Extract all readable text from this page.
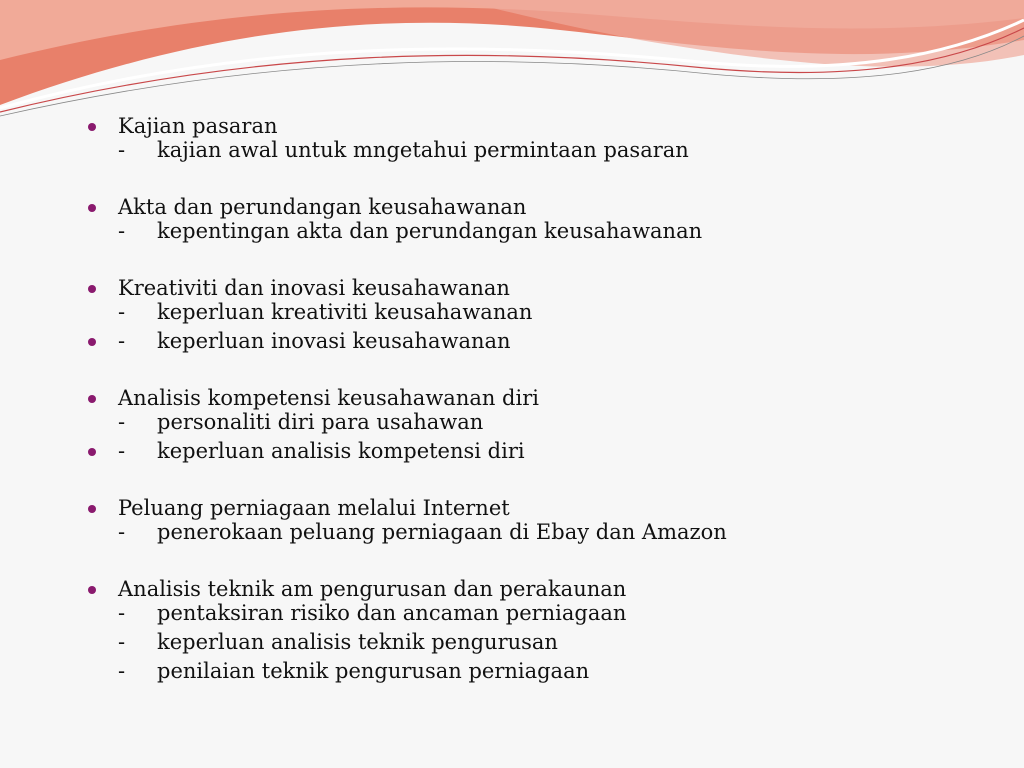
Kajian pasaran
-	kajian awal untuk mngetahui permintaan pasaran
Akta dan perundangan keusahawanan
-	kepentingan akta dan perundangan keusahawanan
Kreativiti dan inovasi keusahawanan
-	keperluan kreativiti keusahawanan
-	keperluan inovasi keusahawanan
Analisis kompetensi keusahawanan diri
-	personaliti diri para usahawan
-	keperluan analisis kompetensi diri
Peluang perniagaan melalui Internet
-	penerokaan peluang perniagaan di Ebay dan Amazon
Analisis teknik am pengurusan dan perakaunan
-	pentaksiran risiko dan ancaman perniagaan
-	keperluan analisis teknik pengurusan
-	penilaian teknik pengurusan perniagaan
